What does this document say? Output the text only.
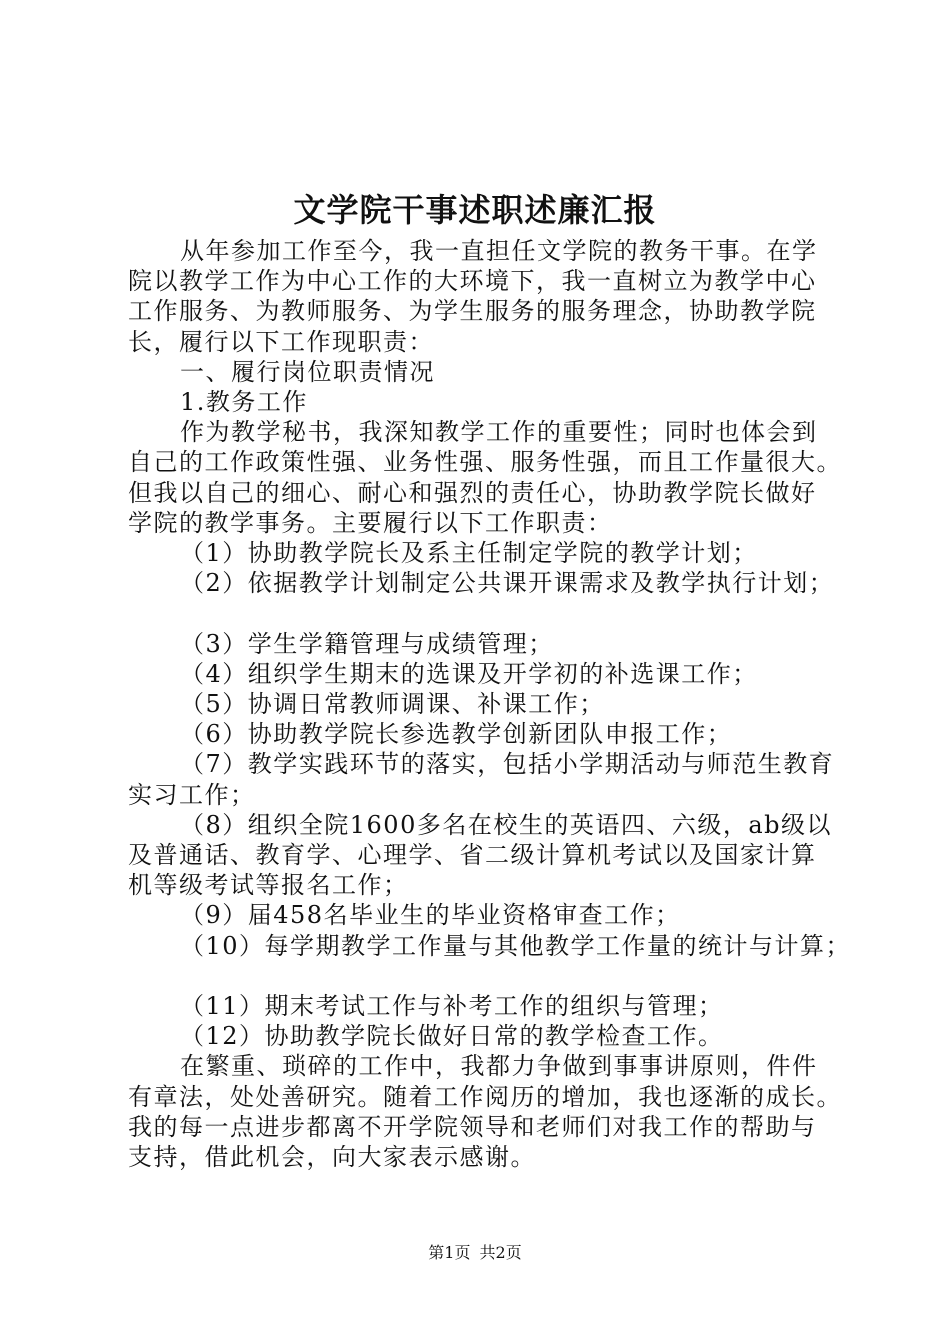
文学院干事述职述廉汇报

从年参加工作至今，我一直担任文学院的教务干事。在学

院以教学工作为中心工作的大环境下，我一直树立为教学中心

工作服务、为教师服务、为学生服务的服务理念，协助教学院

长，履行以下工作现职责：

一、履行岗位职责情况

1.教务工作

作为教学秘书，我深知教学工作的重要性；同时也体会到

自己的工作政策性强、业务性强、服务性强，而且工作量很大。

但我以自己的细心、耐心和强烈的责任心，协助教学院长做好

学院的教学事务。主要履行以下工作职责：

（1）协助教学院长及系主任制定学院的教学计划；

（2）依据教学计划制定公共课开课需求及教学执行计划；

（3）学生学籍管理与成绩管理；

（4）组织学生期末的选课及开学初的补选课工作；

（5）协调日常教师调课、补课工作；

（6）协助教学院长参选教学创新团队申报工作；

（7）教学实践环节的落实，包括小学期活动与师范生教育

实习工作；

（8）组织全院1600多名在校生的英语四、六级，ab级以

及普通话、教育学、心理学、省二级计算机考试以及国家计算

机等级考试等报名工作；

（9）届458名毕业生的毕业资格审查工作；

（10）每学期教学工作量与其他教学工作量的统计与计算；

（11）期末考试工作与补考工作的组织与管理；

（12）协助教学院长做好日常的教学检查工作。

在繁重、琐碎的工作中，我都力争做到事事讲原则，件件

有章法，处处善研究。随着工作阅历的增加，我也逐渐的成长。

我的每一点进步都离不开学院领导和老师们对我工作的帮助与

支持，借此机会，向大家表示感谢。

第1页 共2页
